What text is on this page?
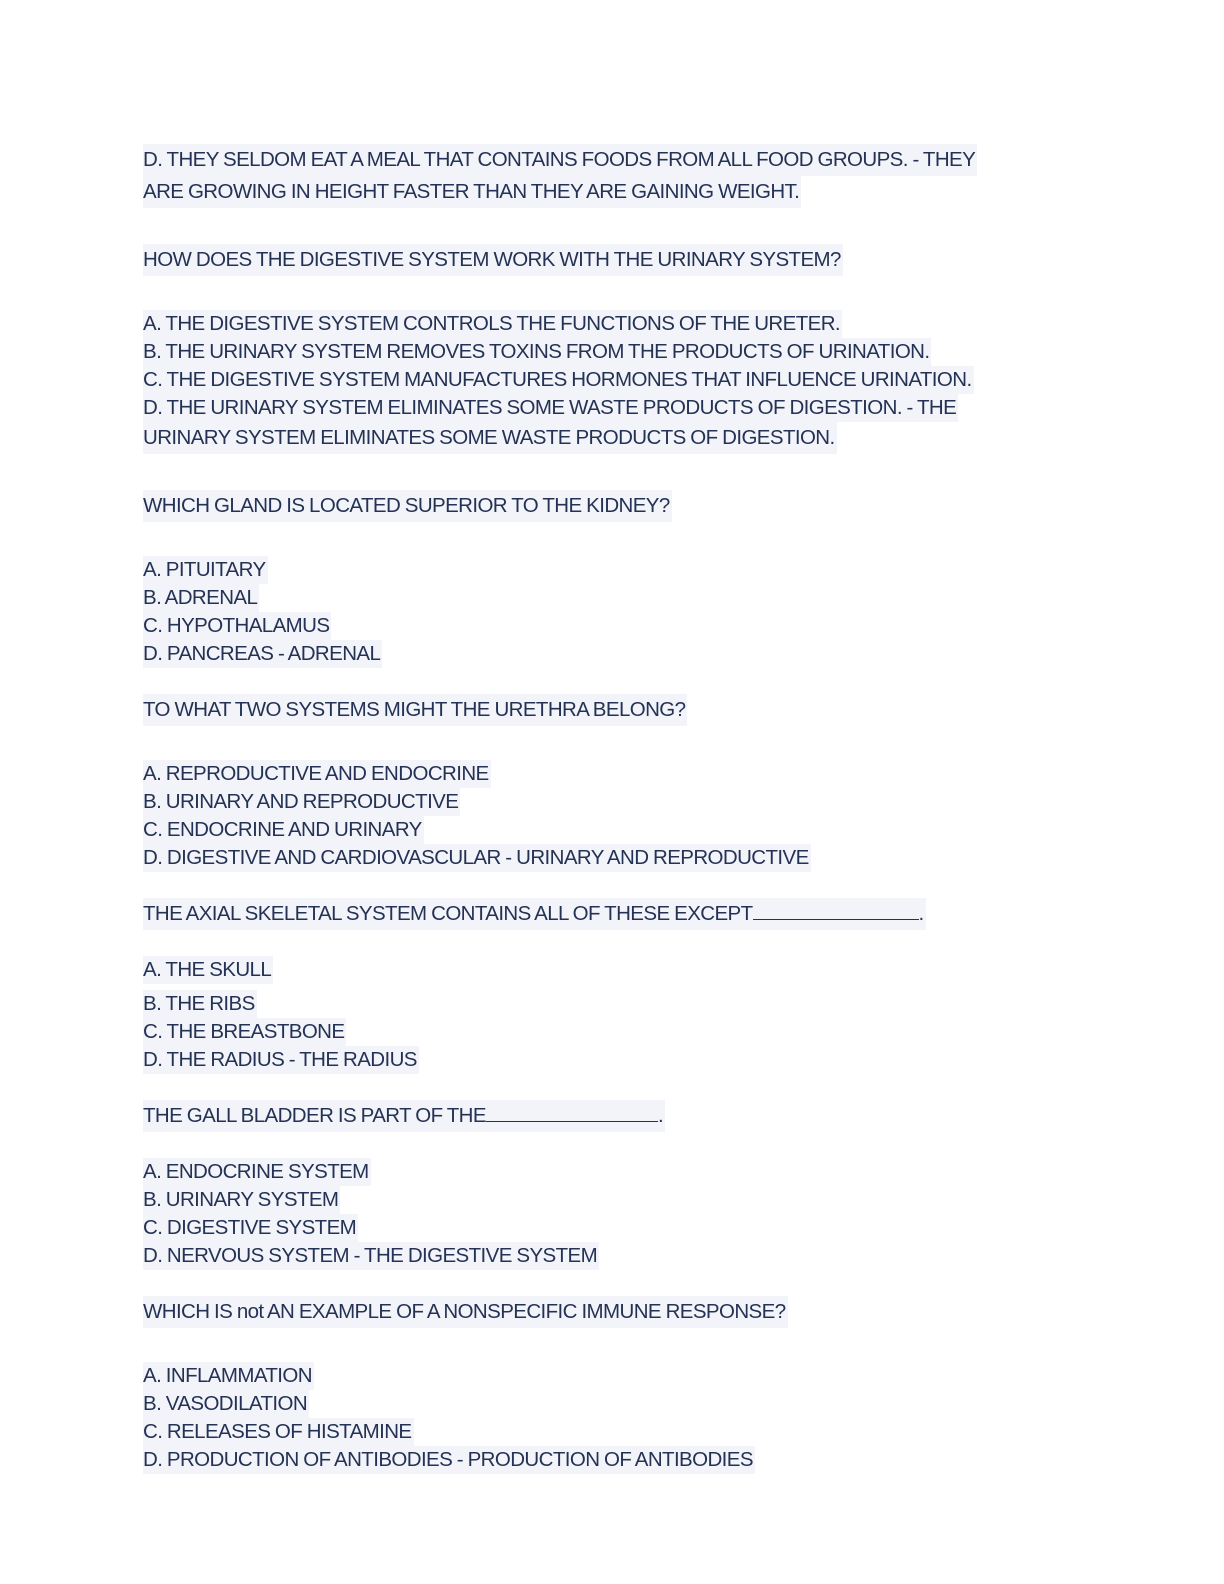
D. THEY SELDOM EAT A MEAL THAT CONTAINS FOODS FROM ALL FOOD GROUPS. - THEY
ARE GROWING IN HEIGHT FASTER THAN THEY ARE GAINING WEIGHT.
HOW DOES THE DIGESTIVE SYSTEM WORK WITH THE URINARY SYSTEM?
A. THE DIGESTIVE SYSTEM CONTROLS THE FUNCTIONS OF THE URETER.
B. THE URINARY SYSTEM REMOVES TOXINS FROM THE PRODUCTS OF URINATION.
C. THE DIGESTIVE SYSTEM MANUFACTURES HORMONES THAT INFLUENCE URINATION.
D. THE URINARY SYSTEM ELIMINATES SOME WASTE PRODUCTS OF DIGESTION. - THE
URINARY SYSTEM ELIMINATES SOME WASTE PRODUCTS OF DIGESTION.
WHICH GLAND IS LOCATED SUPERIOR TO THE KIDNEY?
A. PITUITARY
B. ADRENAL
C. HYPOTHALAMUS
D. PANCREAS - ADRENAL
TO WHAT TWO SYSTEMS MIGHT THE URETHRA BELONG?
A. REPRODUCTIVE AND ENDOCRINE
B. URINARY AND REPRODUCTIVE
C. ENDOCRINE AND URINARY
D. DIGESTIVE AND CARDIOVASCULAR - URINARY AND REPRODUCTIVE
THE AXIAL SKELETAL SYSTEM CONTAINS ALL OF THESE EXCEPT	.
A. THE SKULL
B. THE RIBS
C. THE BREASTBONE
D. THE RADIUS - THE RADIUS
THE GALL BLADDER IS PART OF THE	.
A. ENDOCRINE SYSTEM
B. URINARY SYSTEM
C. DIGESTIVE SYSTEM
D. NERVOUS SYSTEM - THE DIGESTIVE SYSTEM
WHICH IS not AN EXAMPLE OF A NONSPECIFIC IMMUNE RESPONSE?
A. INFLAMMATION
B. VASODILATION
C. RELEASES OF HISTAMINE
D. PRODUCTION OF ANTIBODIES - PRODUCTION OF ANTIBODIES
